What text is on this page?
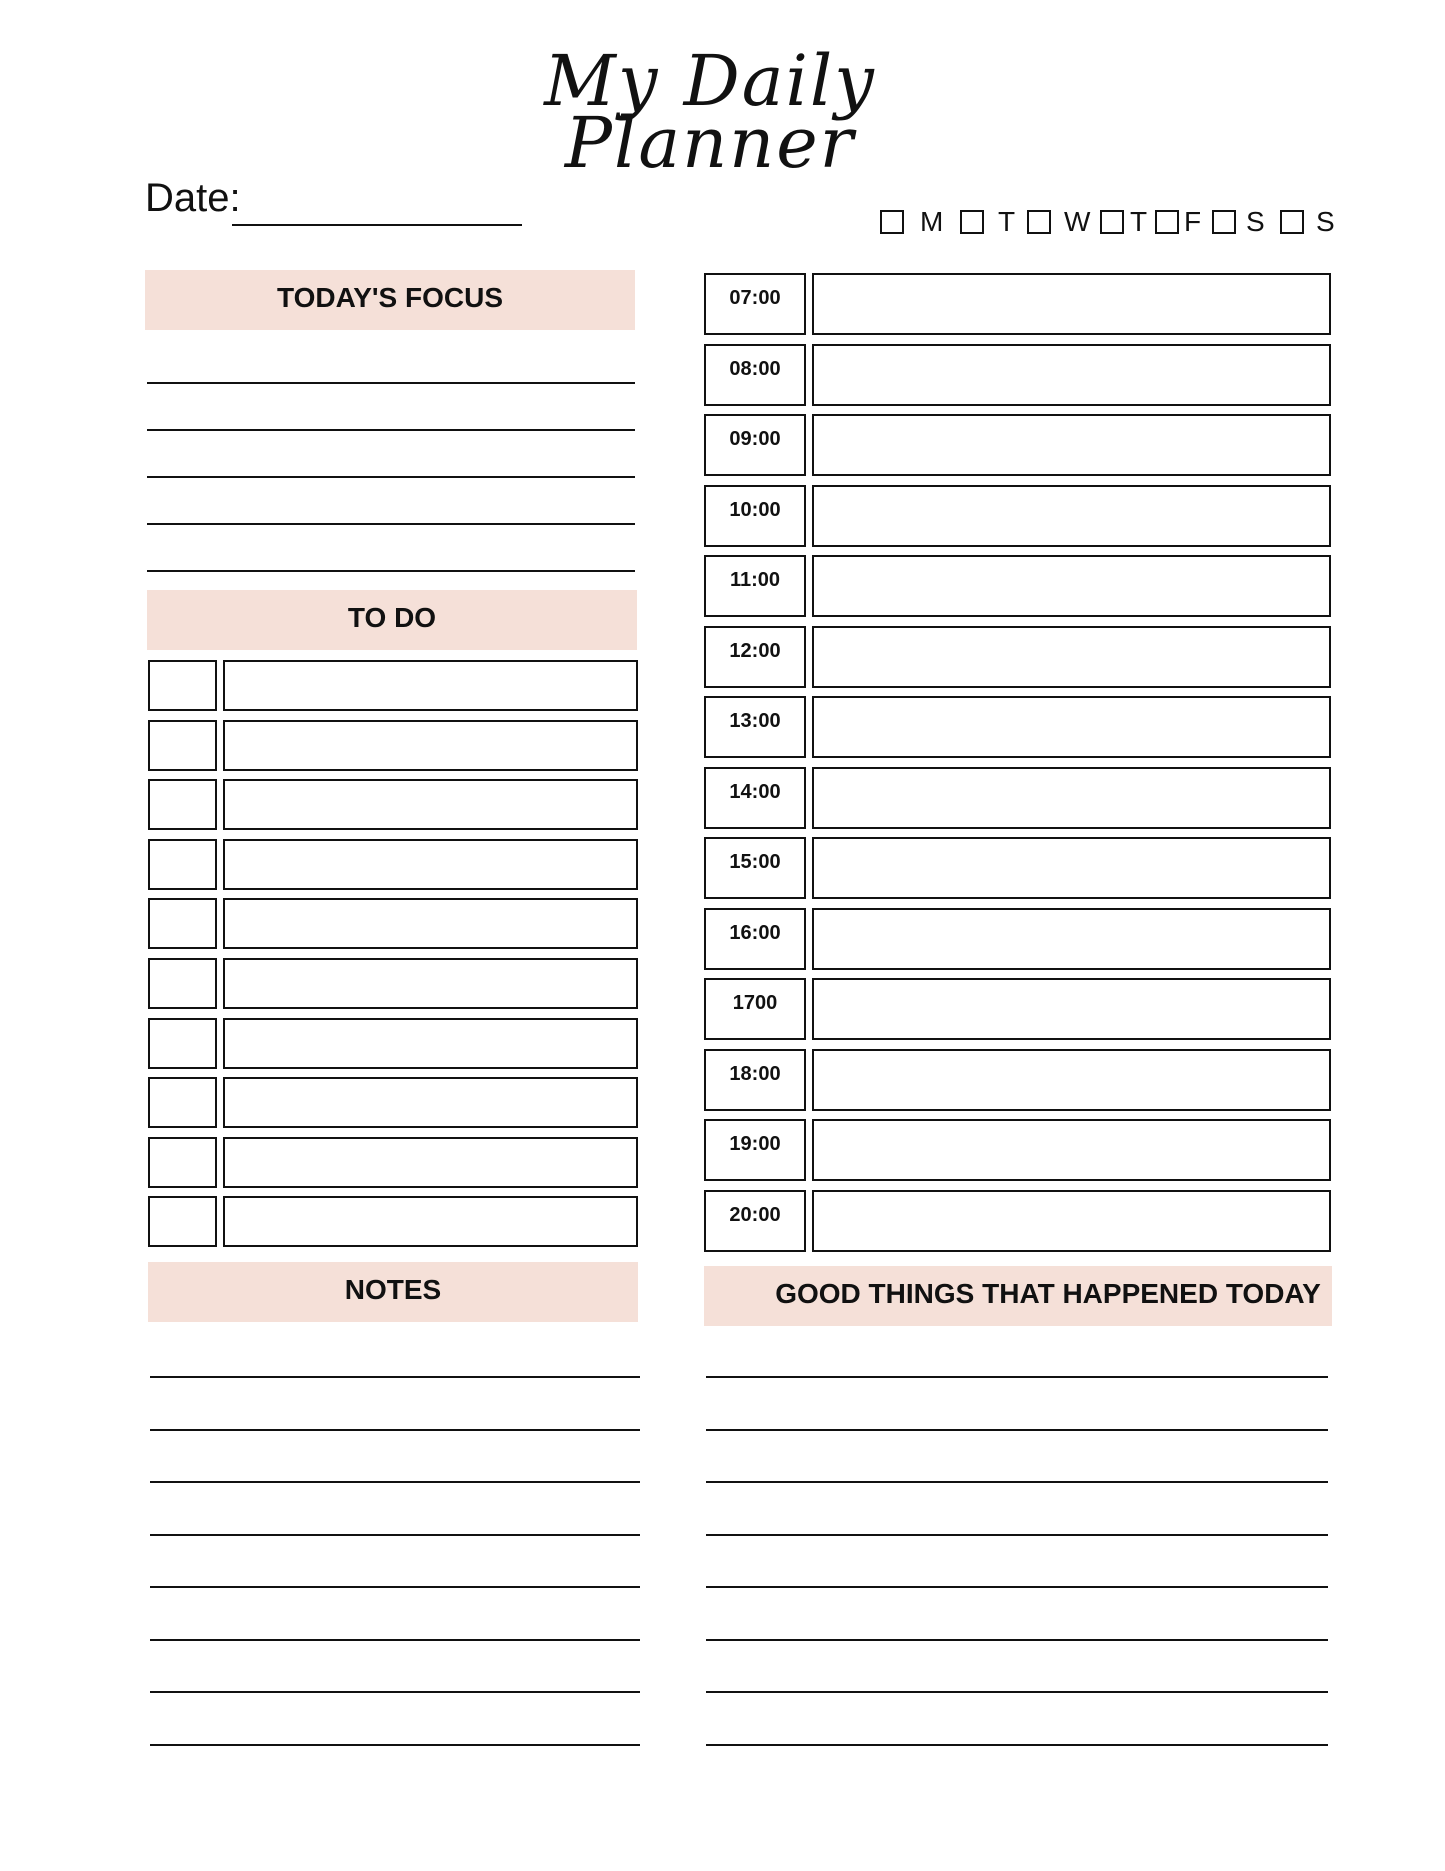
My Daily
Planner
Date:
M T W T F S S
TODAY'S FOCUS
TO DO
NOTES
07:00
08:00
09:00
10:00
11:00
12:00
13:00
14:00
15:00
16:00
1700
18:00
19:00
20:00
GOOD THINGS THAT HAPPENED TODAY
